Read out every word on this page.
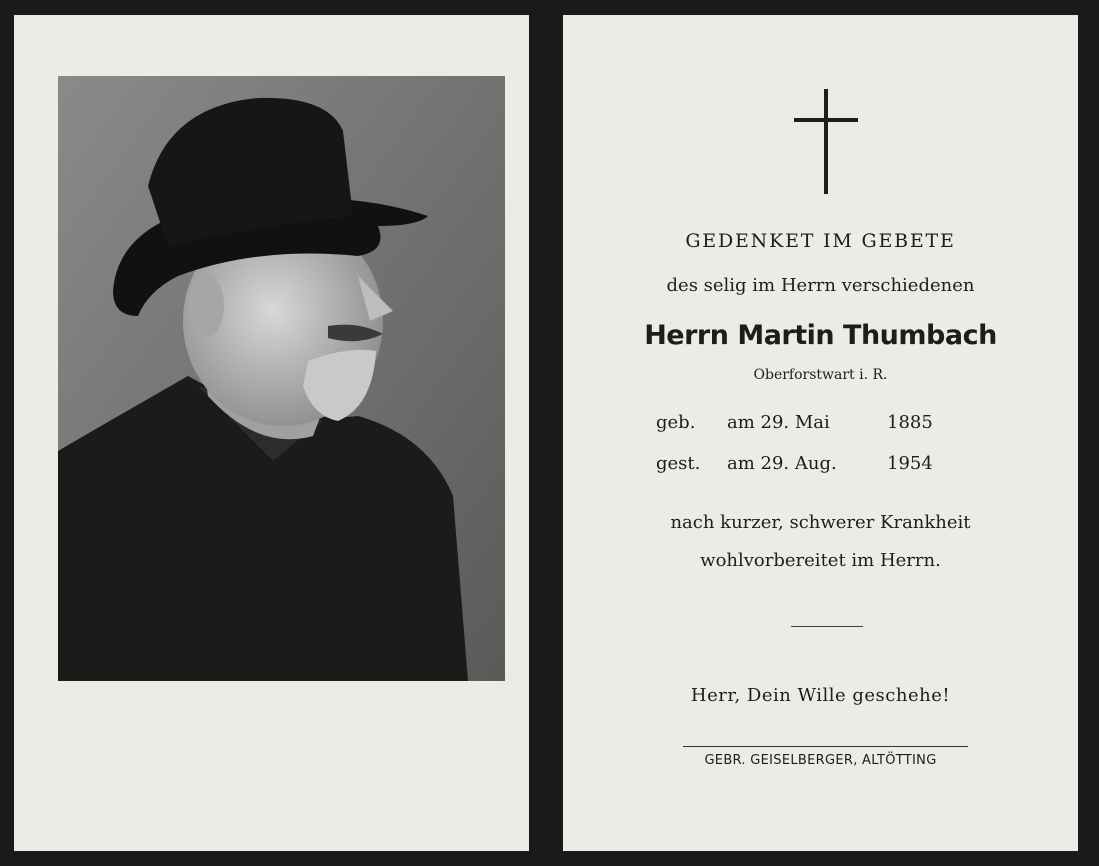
GEDENKET IM GEBETE
des selig im Herrn verschiedenen
Herrn Martin Thumbach
Oberforstwart i. R.
geb. am 29. Mai	1885
gest. am 29. Aug.	1954
nach kurzer, schwerer Krankheit
wohlvorbereitet im Herrn.
Herr, Dein Wille geschehe!
GEBR. GEISELBERGER, ALTÖTTING
